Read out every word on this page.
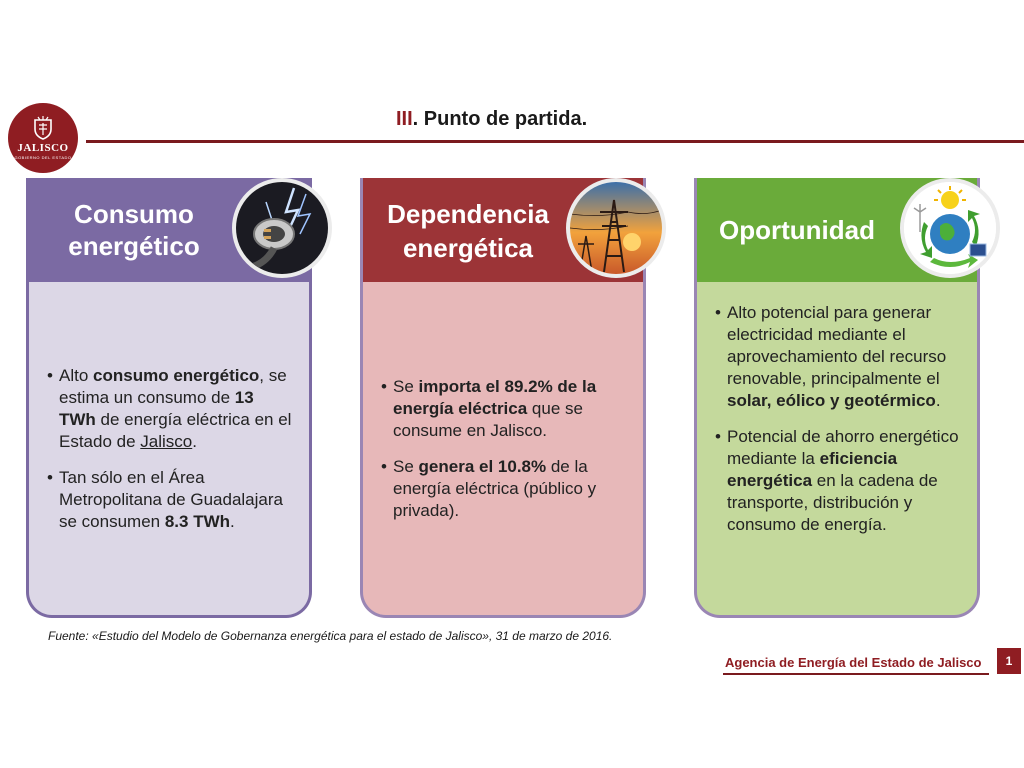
JALISCO
GOBIERNO DEL ESTADO
III. Punto de partida.
Consumo
energético
• Alto consumo energético, se estima un consumo de 13 TWh de energía eléctrica en el Estado de Jalisco.
• Tan sólo en el Área Metropolitana de Guadalajara se consumen 8.3 TWh.
Dependencia
energética
• Se importa el 89.2% de la energía eléctrica que se consume en Jalisco.
• Se genera el 10.8% de la energía eléctrica (público y privada).
Oportunidad
• Alto potencial para generar electricidad mediante el aprovechamiento del recurso renovable, principalmente el solar, eólico y geotérmico.
• Potencial de ahorro energético mediante la eficiencia energética en la cadena de transporte, distribución y consumo de energía.
Fuente: «Estudio del Modelo de Gobernanza energética para el estado de Jalisco», 31 de marzo de 2016.
Agencia de Energía del Estado de Jalisco	1
